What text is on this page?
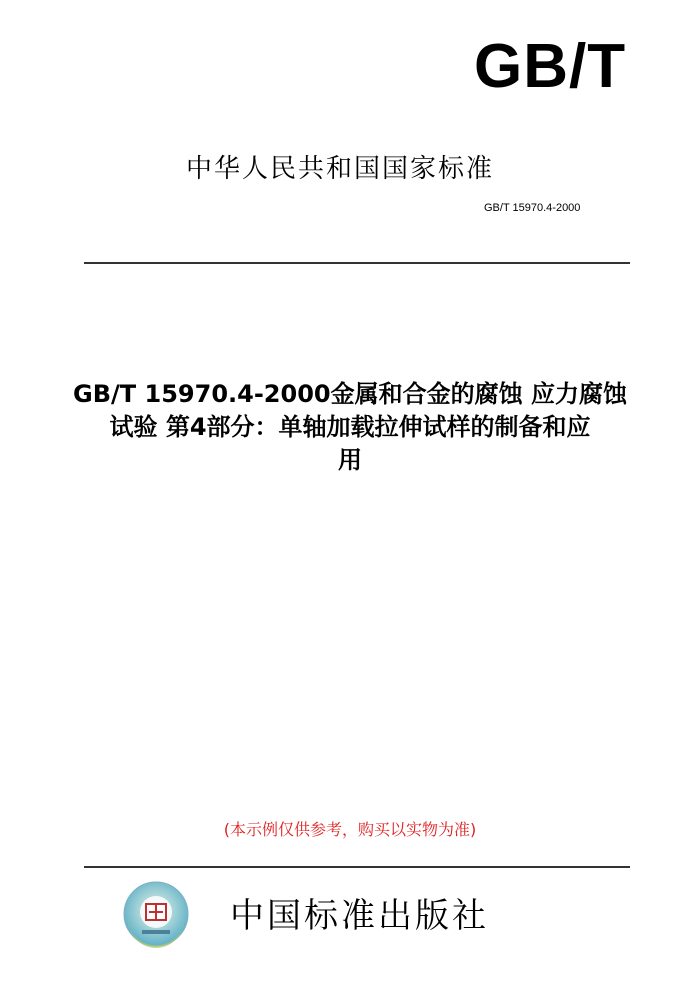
GB/T
中华人民共和国国家标准
GB/T 15970.4-2000
GB/T 15970.4-2000金属和合金的腐蚀 应力腐蚀
试验 第4部分：单轴加载拉伸试样的制备和应
用
(本示例仅供参考，购买以实物为准)
中国标准出版社
